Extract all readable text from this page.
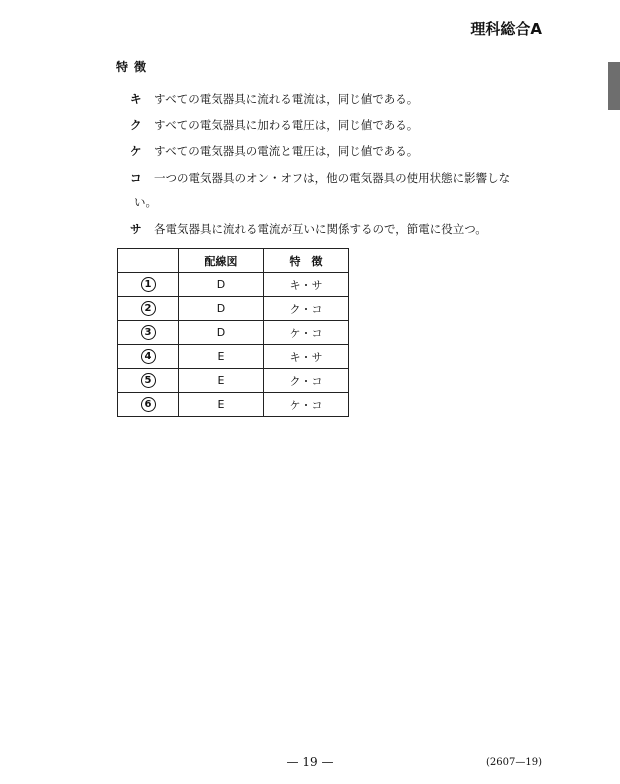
理科総合A
特徴
キ	すべての電気器具に流れる電流は，同じ値である。
ク	すべての電気器具に加わる電圧は，同じ値である。
ケ	すべての電気器具の電流と電圧は，同じ値である。
コ	一つの電気器具のオン・オフは，他の電気器具の使用状態に影響しな
い。
サ	各電気器具に流れる電流が互いに関係するので，節電に役立つ。
	配線図	特　徴
1	D	キ・サ
2	D	ク・コ
3	D	ケ・コ
4	E	キ・サ
5	E	ク・コ
6	E	ケ・コ
— 19 —	(2607—19)
